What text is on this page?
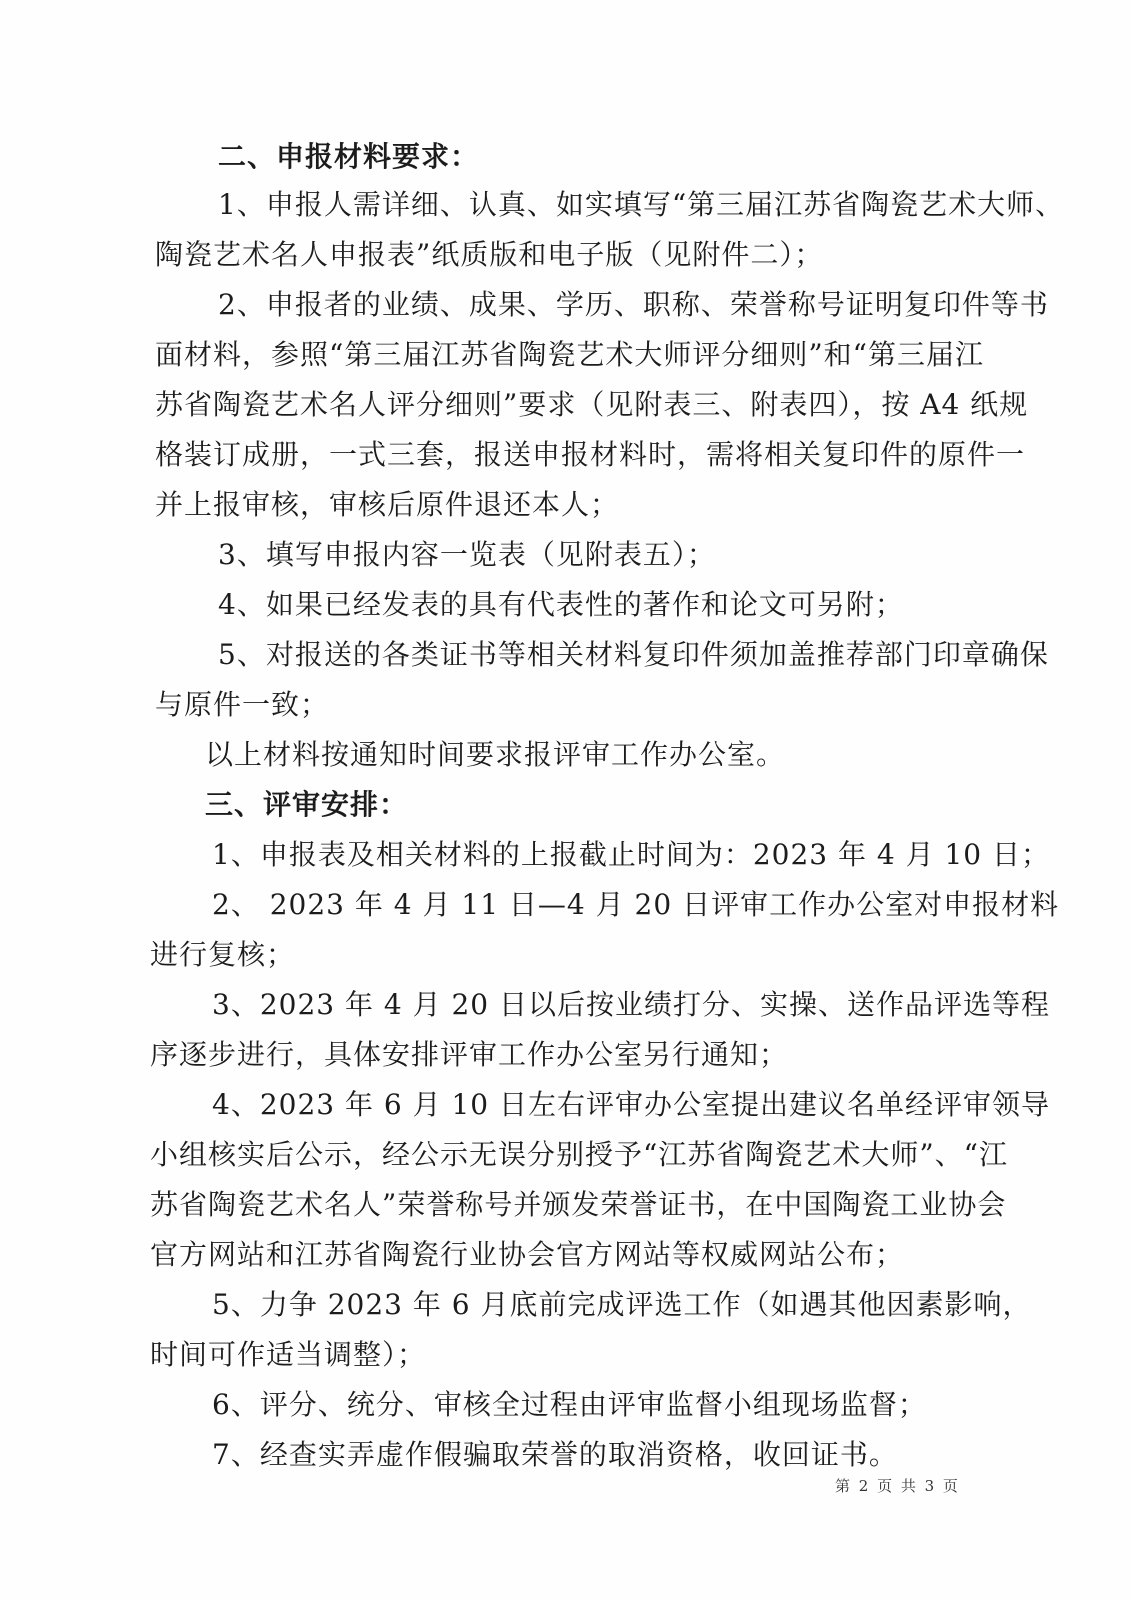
二、申报材料要求：
1、申报人需详细、认真、如实填写“第三届江苏省陶瓷艺术大师、
陶瓷艺术名人申报表”纸质版和电子版（见附件二）；
2、申报者的业绩、成果、学历、职称、荣誉称号证明复印件等书
面材料，参照“第三届江苏省陶瓷艺术大师评分细则”和“第三届江
苏省陶瓷艺术名人评分细则”要求（见附表三、附表四），按 A4 纸规
格装订成册，一式三套，报送申报材料时，需将相关复印件的原件一
并上报审核，审核后原件退还本人；
3、填写申报内容一览表（见附表五）；
4、如果已经发表的具有代表性的著作和论文可另附；
5、对报送的各类证书等相关材料复印件须加盖推荐部门印章确保
与原件一致；
以上材料按通知时间要求报评审工作办公室。
三、评审安排：
1、申报表及相关材料的上报截止时间为：2023 年 4 月 10 日；
2、 2023 年 4 月 11 日—4 月 20 日评审工作办公室对申报材料
进行复核；
3、2023 年 4 月 20 日以后按业绩打分、实操、送作品评选等程
序逐步进行，具体安排评审工作办公室另行通知；
4、2023 年 6 月 10 日左右评审办公室提出建议名单经评审领导
小组核实后公示，经公示无误分别授予“江苏省陶瓷艺术大师”、“江
苏省陶瓷艺术名人”荣誉称号并颁发荣誉证书，在中国陶瓷工业协会
官方网站和江苏省陶瓷行业协会官方网站等权威网站公布；
5、力争 2023 年 6 月底前完成评选工作（如遇其他因素影响，
时间可作适当调整）；
6、评分、统分、审核全过程由评审监督小组现场监督；
7、经查实弄虚作假骗取荣誉的取消资格，收回证书。
第 2 页 共 3 页
